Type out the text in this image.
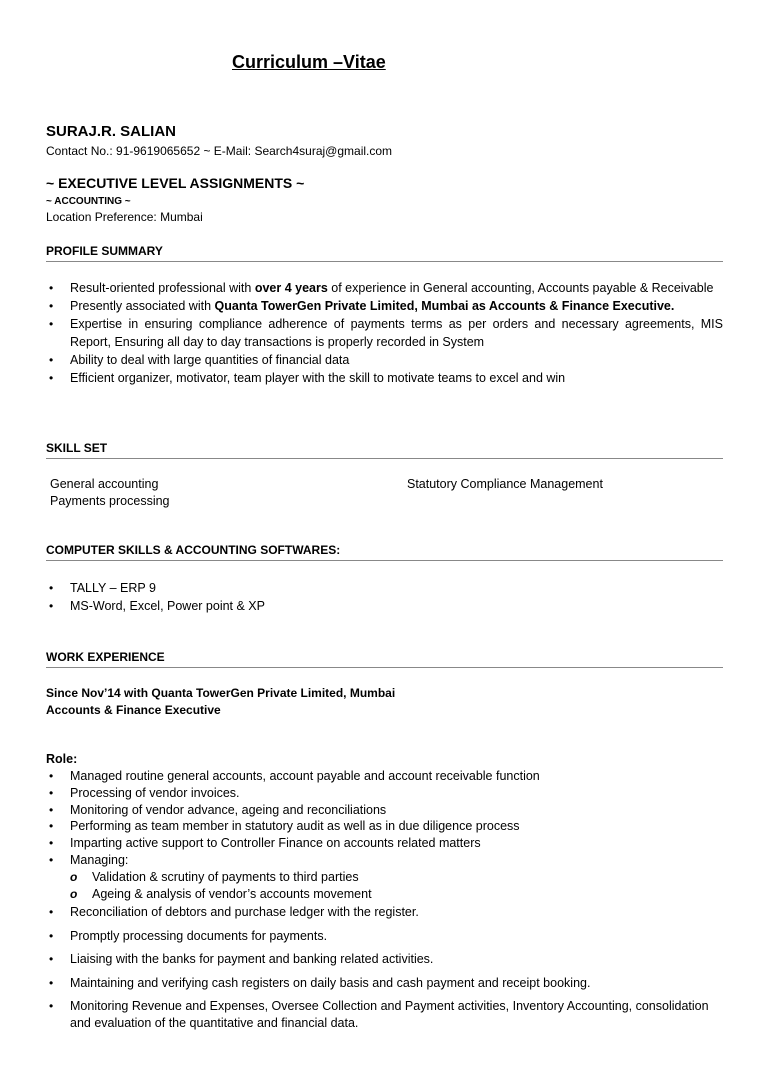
Curriculum –Vitae
SURAJ.R. SALIAN
Contact No.: 91-9619065652 ~ E-Mail: Search4suraj@gmail.com
~ EXECUTIVE LEVEL ASSIGNMENTS ~
~ ACCOUNTING ~
Location Preference: Mumbai
PROFILE SUMMARY
• Result-oriented professional with over 4 years of experience in General accounting, Accounts payable & Receivable
• Presently associated with Quanta TowerGen Private Limited, Mumbai as Accounts & Finance Executive.
• Expertise in ensuring compliance adherence of payments terms as per orders and necessary agreements, MIS Report, Ensuring all day to day transactions is properly recorded in System
• Ability to deal with large quantities of financial data
• Efficient organizer, motivator, team player with the skill to motivate teams to excel and win
SKILL SET
General accounting	Statutory Compliance Management
Payments processing
COMPUTER SKILLS & ACCOUNTING SOFTWARES:
• TALLY – ERP 9
• MS-Word, Excel, Power point & XP
WORK EXPERIENCE
Since Nov’14 with Quanta TowerGen Private Limited, Mumbai
Accounts & Finance Executive
Role:
• Managed routine general accounts, account payable and account receivable function
• Processing of vendor invoices.
• Monitoring of vendor advance, ageing and reconciliations
• Performing as team member in statutory audit as well as in due diligence process
• Imparting active support to Controller Finance on accounts related matters
• Managing:
o Validation & scrutiny of payments to third parties
o Ageing & analysis of vendor’s accounts movement
• Reconciliation of debtors and purchase ledger with the register.
• Promptly processing documents for payments.
• Liaising with the banks for payment and banking related activities.
• Maintaining and verifying cash registers on daily basis and cash payment and receipt booking.
• Monitoring Revenue and Expenses, Oversee Collection and Payment activities, Inventory Accounting, consolidation and evaluation of the quantitative and financial data.
